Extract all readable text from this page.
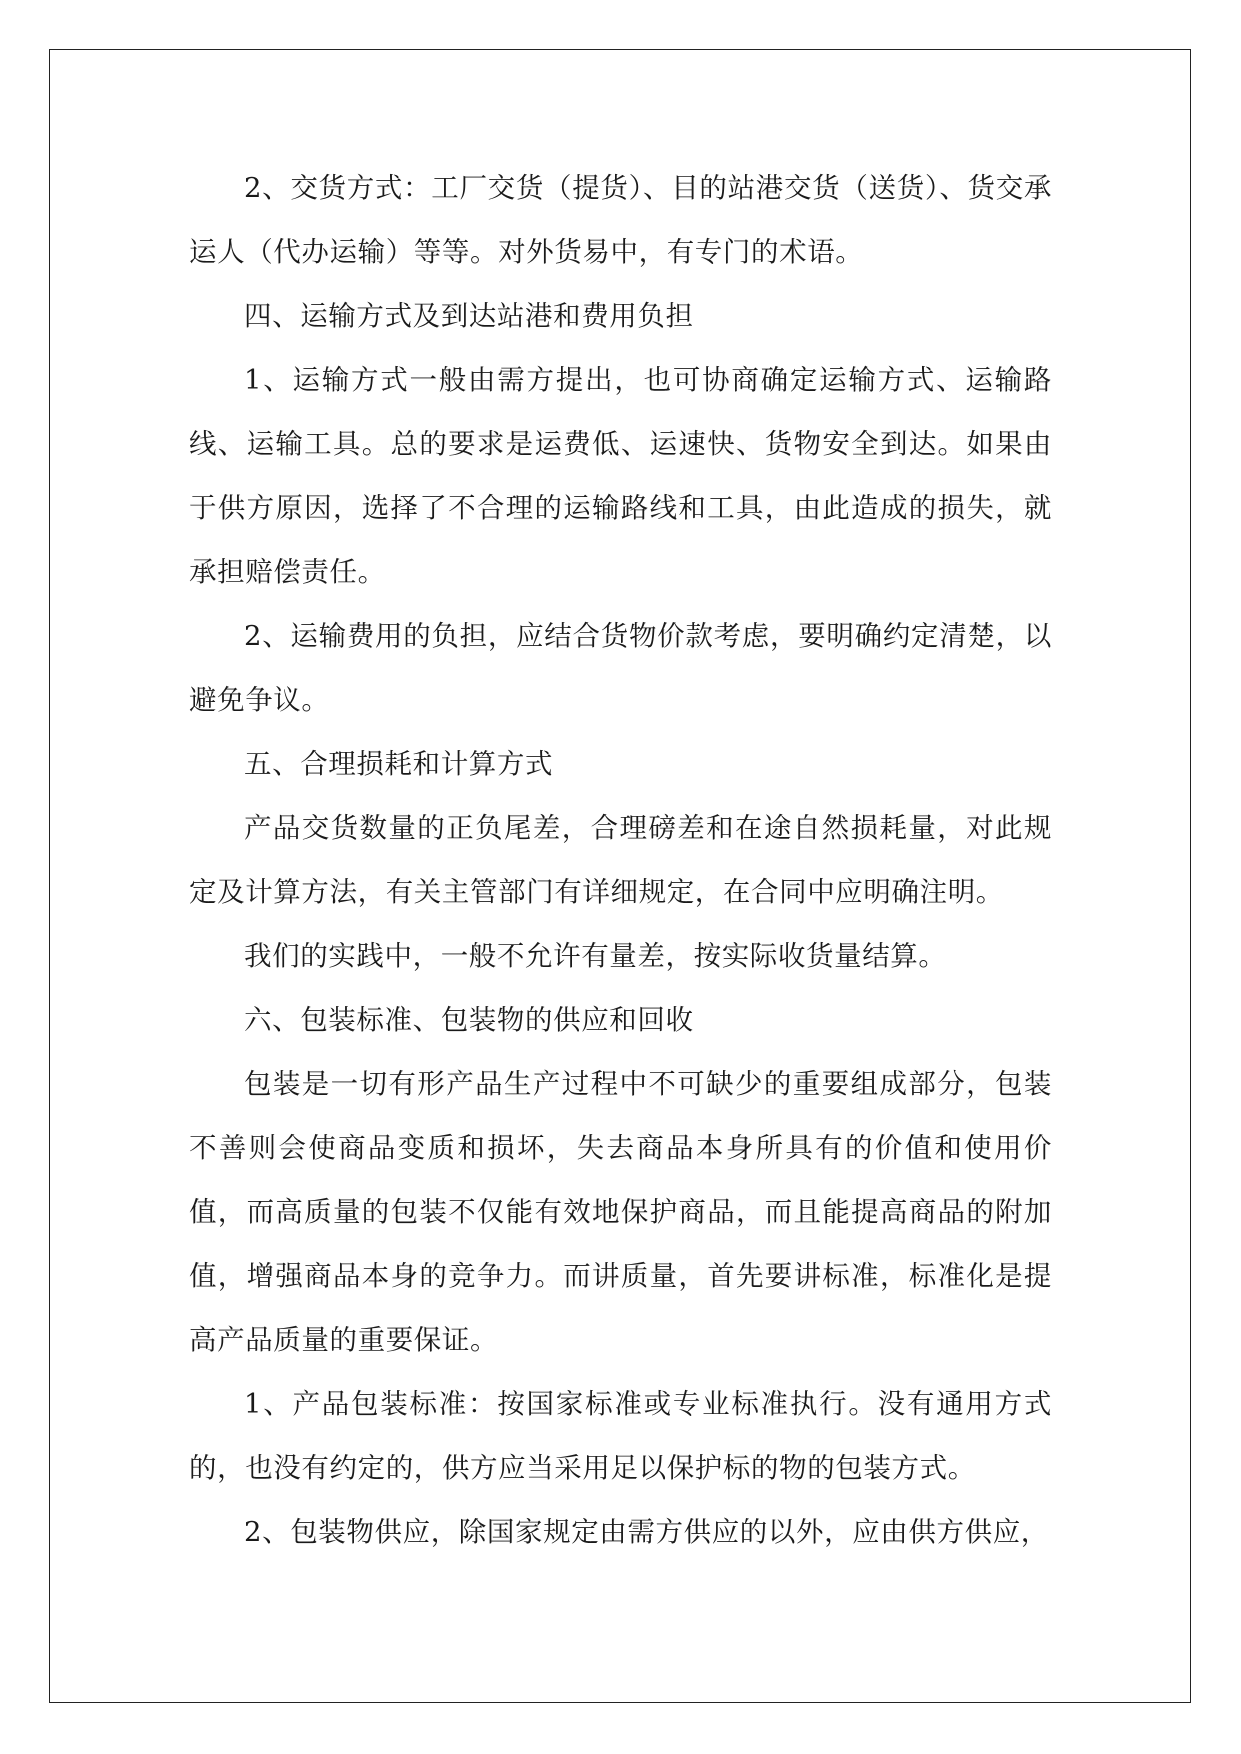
2、交货方式：工厂交货（提货）、目的站港交货（送货）、货交承运人（代办运输）等等。对外货易中，有专门的术语。

四、运输方式及到达站港和费用负担

1、运输方式一般由需方提出，也可协商确定运输方式、运输路线、运输工具。总的要求是运费低、运速快、货物安全到达。如果由于供方原因，选择了不合理的运输路线和工具，由此造成的损失，就承担赔偿责任。

2、运输费用的负担，应结合货物价款考虑，要明确约定清楚，以避免争议。

五、合理损耗和计算方式

产品交货数量的正负尾差，合理磅差和在途自然损耗量，对此规定及计算方法，有关主管部门有详细规定，在合同中应明确注明。

我们的实践中，一般不允许有量差，按实际收货量结算。

六、包装标准、包装物的供应和回收

包装是一切有形产品生产过程中不可缺少的重要组成部分，包装不善则会使商品变质和损坏，失去商品本身所具有的价值和使用价值，而高质量的包装不仅能有效地保护商品，而且能提高商品的附加值，增强商品本身的竞争力。而讲质量，首先要讲标准，标准化是提高产品质量的重要保证。

1、产品包装标准：按国家标准或专业标准执行。没有通用方式的，也没有约定的，供方应当采用足以保护标的物的包装方式。

2、包装物供应，除国家规定由需方供应的以外，应由供方供应，
